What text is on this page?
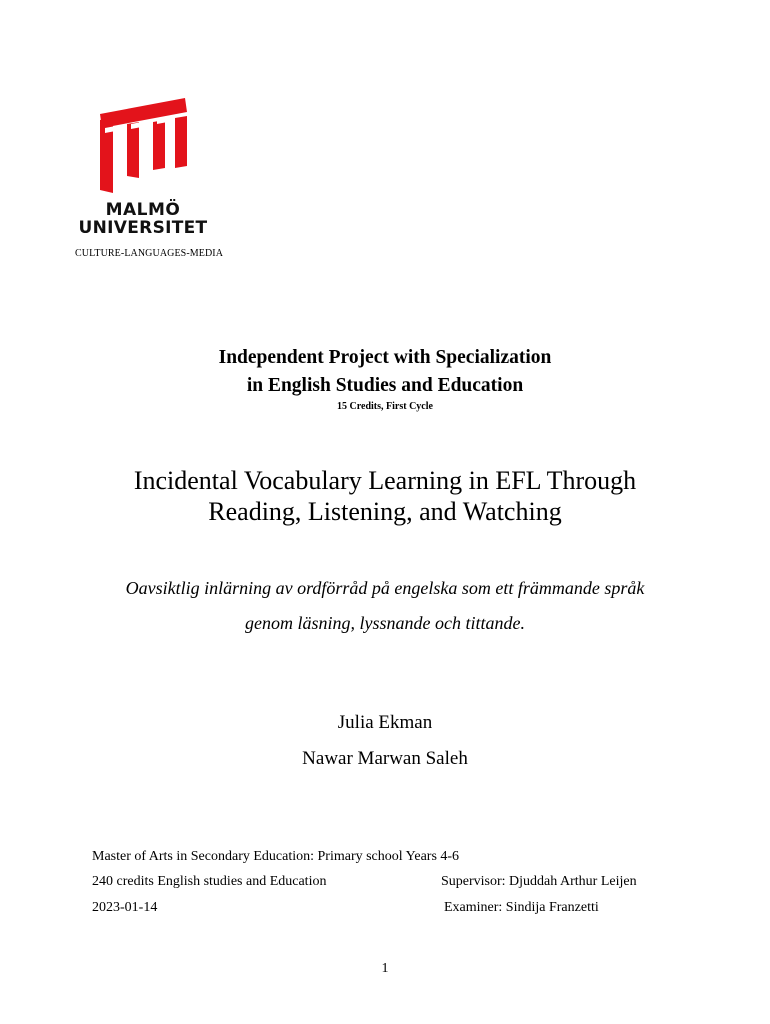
MALMÖ
UNIVERSITET
CULTURE-LANGUAGES-MEDIA
Independent Project with Specialization
in English Studies and Education
15 Credits, First Cycle
Incidental Vocabulary Learning in EFL Through
Reading, Listening, and Watching
Oavsiktlig inlärning av ordförråd på engelska som ett främmande språk
genom läsning, lyssnande och tittande.
Julia Ekman
Nawar Marwan Saleh
Master of Arts in Secondary Education: Primary school Years 4-6
240 credits English studies and Education
2023-01-14
Supervisor: Djuddah Arthur Leijen
Examiner: Sindija Franzetti
1
